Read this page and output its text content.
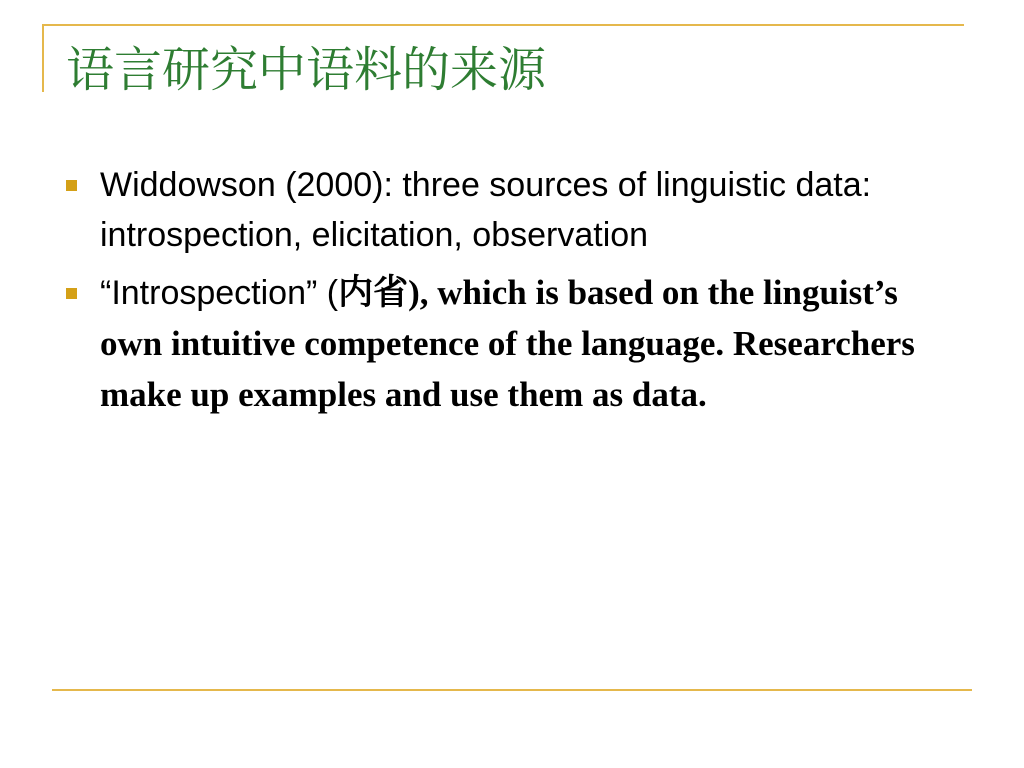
语言研究中语料的来源
Widdowson (2000): three sources of linguistic data: introspection, elicitation, observation
“Introspection” (内省), which is based on the linguist’s own intuitive competence of the language. Researchers make up examples and use them as data.
